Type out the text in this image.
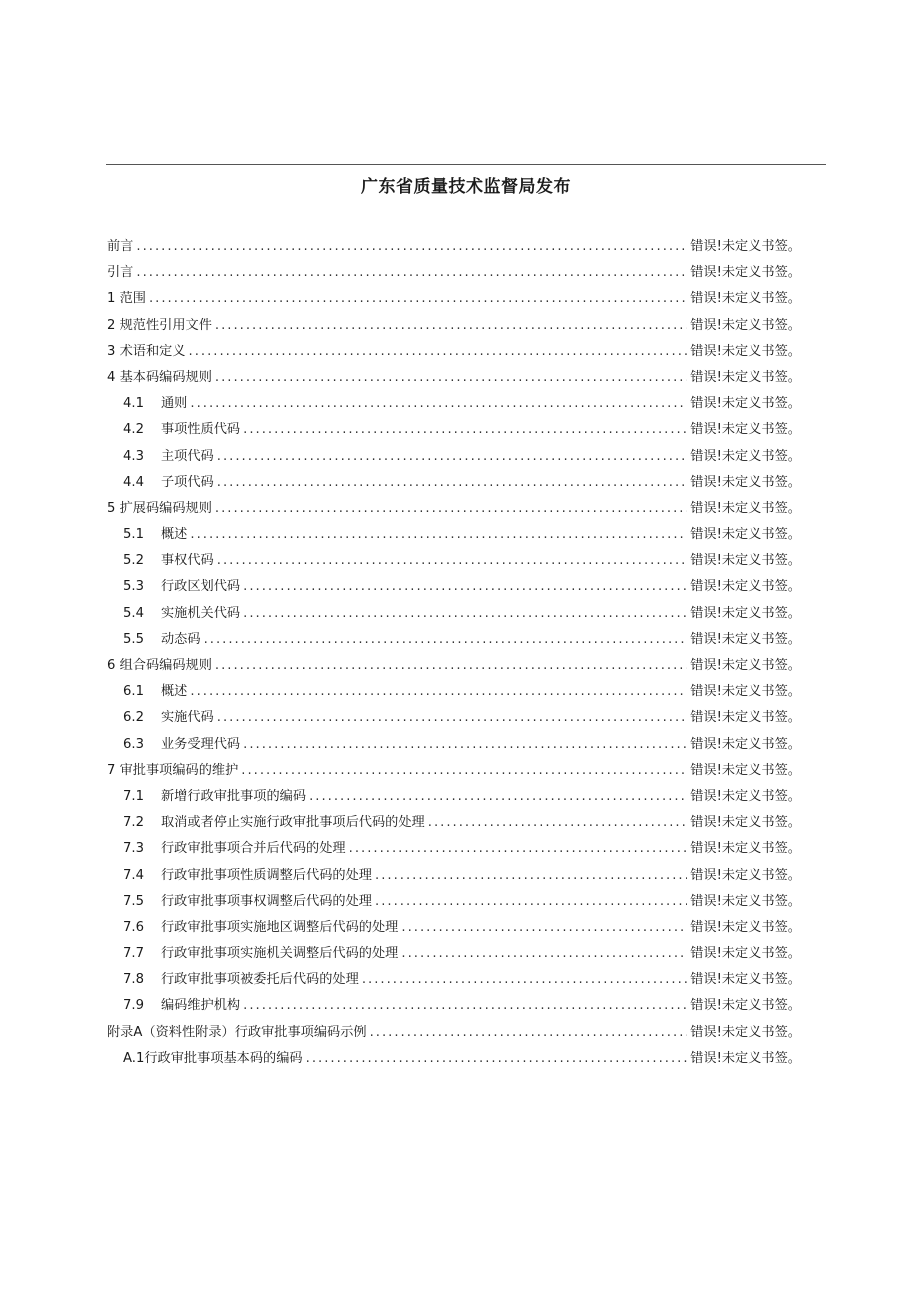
广东省质量技术监督局发布
前言 .....	错误!未定义书签。
引言 .....	错误!未定义书签。
1 范围 .....	错误!未定义书签。
2 规范性引用文件 .....	错误!未定义书签。
3 术语和定义 .....	错误!未定义书签。
4 基本码编码规则 .....	错误!未定义书签。
4.1 通则 .....	错误!未定义书签。
4.2 事项性质代码 .....	错误!未定义书签。
4.3 主项代码 .....	错误!未定义书签。
4.4 子项代码 .....	错误!未定义书签。
5 扩展码编码规则 .....	错误!未定义书签。
5.1 概述 .....	错误!未定义书签。
5.2 事权代码 .....	错误!未定义书签。
5.3 行政区划代码 .....	错误!未定义书签。
5.4 实施机关代码 .....	错误!未定义书签。
5.5 动态码 .....	错误!未定义书签。
6 组合码编码规则 .....	错误!未定义书签。
6.1 概述 .....	错误!未定义书签。
6.2 实施代码 .....	错误!未定义书签。
6.3 业务受理代码 .....	错误!未定义书签。
7 审批事项编码的维护 .....	错误!未定义书签。
7.1 新增行政审批事项的编码 .....	错误!未定义书签。
7.2 取消或者停止实施行政审批事项后代码的处理 .....	错误!未定义书签。
7.3 行政审批事项合并后代码的处理 .....	错误!未定义书签。
7.4 行政审批事项性质调整后代码的处理 .....	错误!未定义书签。
7.5 行政审批事项事权调整后代码的处理 .....	错误!未定义书签。
7.6 行政审批事项实施地区调整后代码的处理 .....	错误!未定义书签。
7.7 行政审批事项实施机关调整后代码的处理 .....	错误!未定义书签。
7.8 行政审批事项被委托后代码的处理 .....	错误!未定义书签。
7.9 编码维护机构 .....	错误!未定义书签。
附录A（资料性附录）行政审批事项编码示例 .....	错误!未定义书签。
A.1行政审批事项基本码的编码 .....	错误!未定义书签。
